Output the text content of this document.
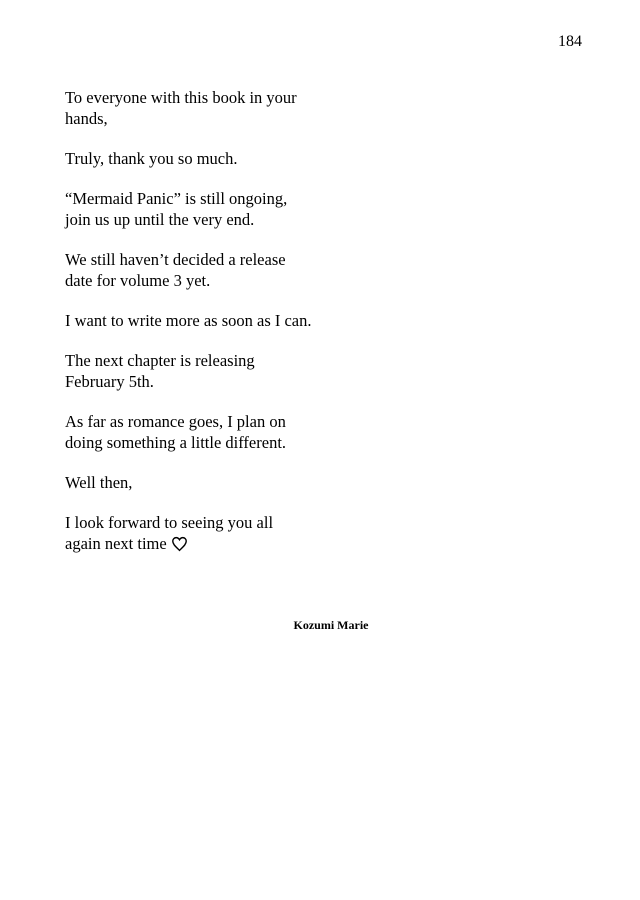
184

To everyone with this book in your
hands,

Truly, thank you so much.

“Mermaid Panic” is still ongoing,
join us up until the very end.

We still haven’t decided a release
date for volume 3 yet.

I want to write more as soon as I can.

The next chapter is releasing
February 5th.

As far as romance goes, I plan on
doing something a little different.

Well then,

I look forward to seeing you all
again next time

Kozumi Marie
